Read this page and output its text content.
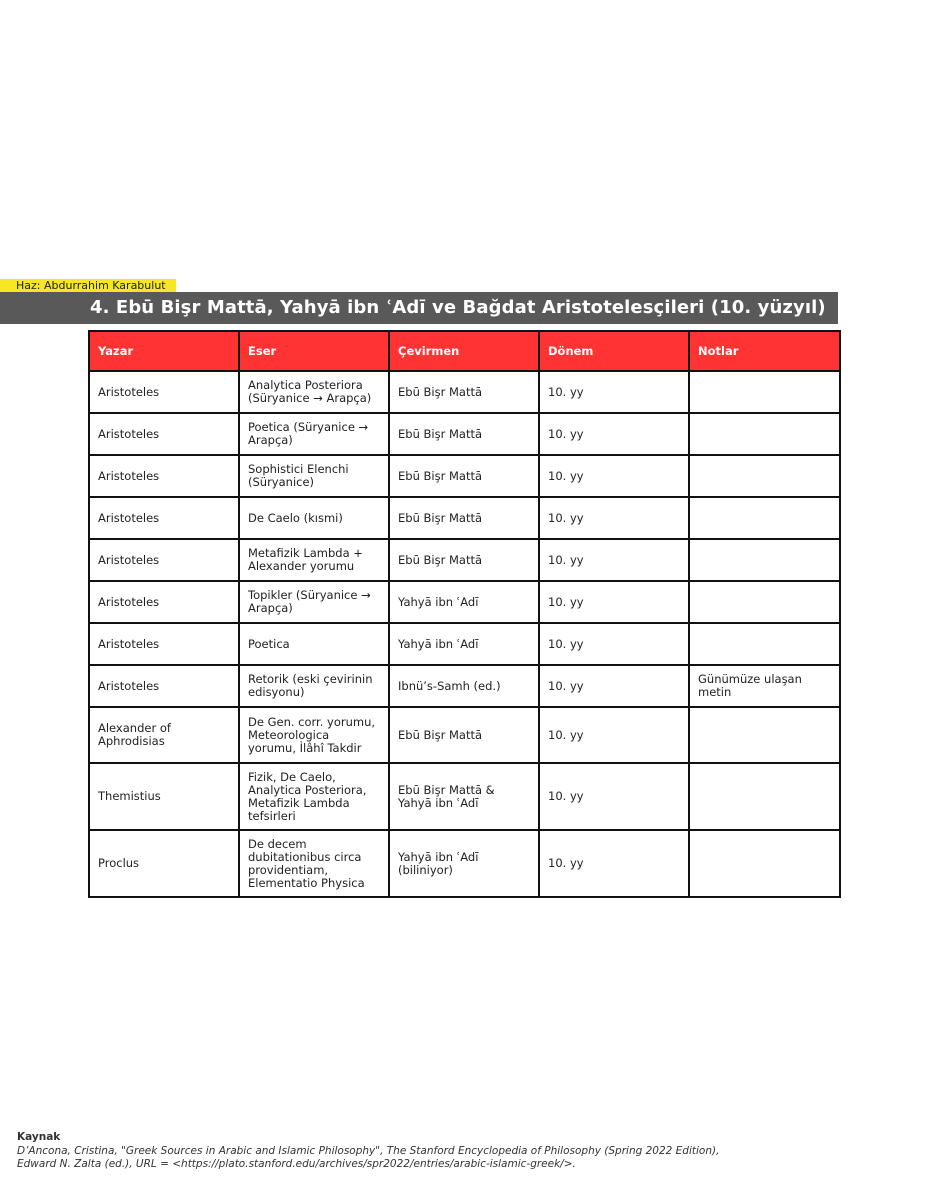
Haz: Abdurrahim Karabulut
4. Ebū Bişr Mattā, Yahyā ibn ʿAdī ve Bağdat Aristotelesçileri (10. yüzyıl)
Yazar	Eser	Çevirmen	Dönem	Notlar
Aristoteles	Analytica Posteriora (Süryanice → Arapça)	Ebū Bişr Mattā	10. yy	
Aristoteles	Poetica (Süryanice → Arapça)	Ebū Bişr Mattā	10. yy	
Aristoteles	Sophistici Elenchi (Süryanice)	Ebū Bişr Mattā	10. yy	
Aristoteles	De Caelo (kısmi)	Ebū Bişr Mattā	10. yy	
Aristoteles	Metafizik Lambda + Alexander yorumu	Ebū Bişr Mattā	10. yy	
Aristoteles	Topikler (Süryanice → Arapça)	Yahyā ibn ʿAdī	10. yy	
Aristoteles	Poetica	Yahyā ibn ʿAdī	10. yy	
Aristoteles	Retorik (eski çevirinin edisyonu)	Ibnü’s-Samh (ed.)	10. yy	Günümüze ulaşan metin
Alexander of Aphrodisias	De Gen. corr. yorumu, Meteorologica yorumu, İlâhî Takdir	Ebū Bişr Mattā	10. yy	
Themistius	Fizik, De Caelo, Analytica Posteriora, Metafizik Lambda tefsirleri	Ebū Bişr Mattā & Yahyā ibn ʿAdī	10. yy	
Proclus	De decem dubitationibus circa providentiam, Elementatio Physica	Yahyā ibn ʿAdī (biliniyor)	10. yy	
Kaynak
D’Ancona, Cristina, "Greek Sources in Arabic and Islamic Philosophy", The Stanford Encyclopedia of Philosophy (Spring 2022 Edition), Edward N. Zalta (ed.), URL = <https://plato.stanford.edu/archives/spr2022/entries/arabic-islamic-greek/>.
